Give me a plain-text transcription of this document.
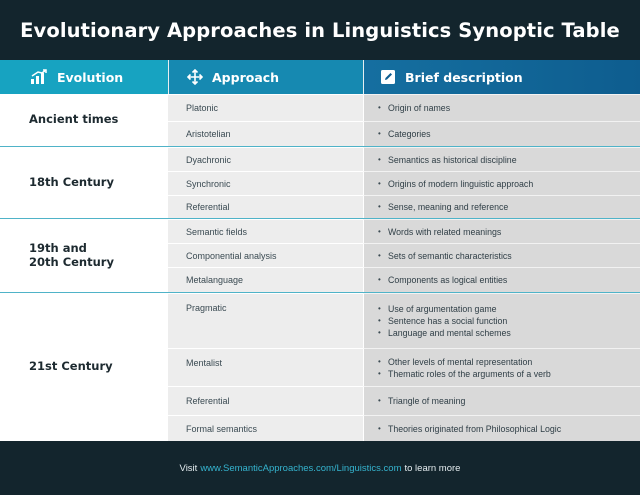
Evolutionary Approaches in Linguistics Synoptic Table
Evolution	Approach	Brief description
Ancient times
Platonic	• Origin of names
Aristotelian	• Categories
18th Century
Dyachronic	• Semantics as historical discipline
Synchronic	• Origins of modern linguistic approach
Referential	• Sense, meaning and reference
19th and
20th Century
Semantic fields	• Words with related meanings
Componential analysis	• Sets of semantic characteristics
Metalanguage	• Components as logical entities
21st Century
Pragmatic	• Use of argumentation game
• Sentence has a social function
• Language and mental schemes
Mentalist	• Other levels of mental representation
• Thematic roles of the arguments of a verb
Referential	• Triangle of meaning
Formal semantics	• Theories originated from Philosophical Logic
Visit www.SemanticApproaches.com/Linguistics.com to learn more
